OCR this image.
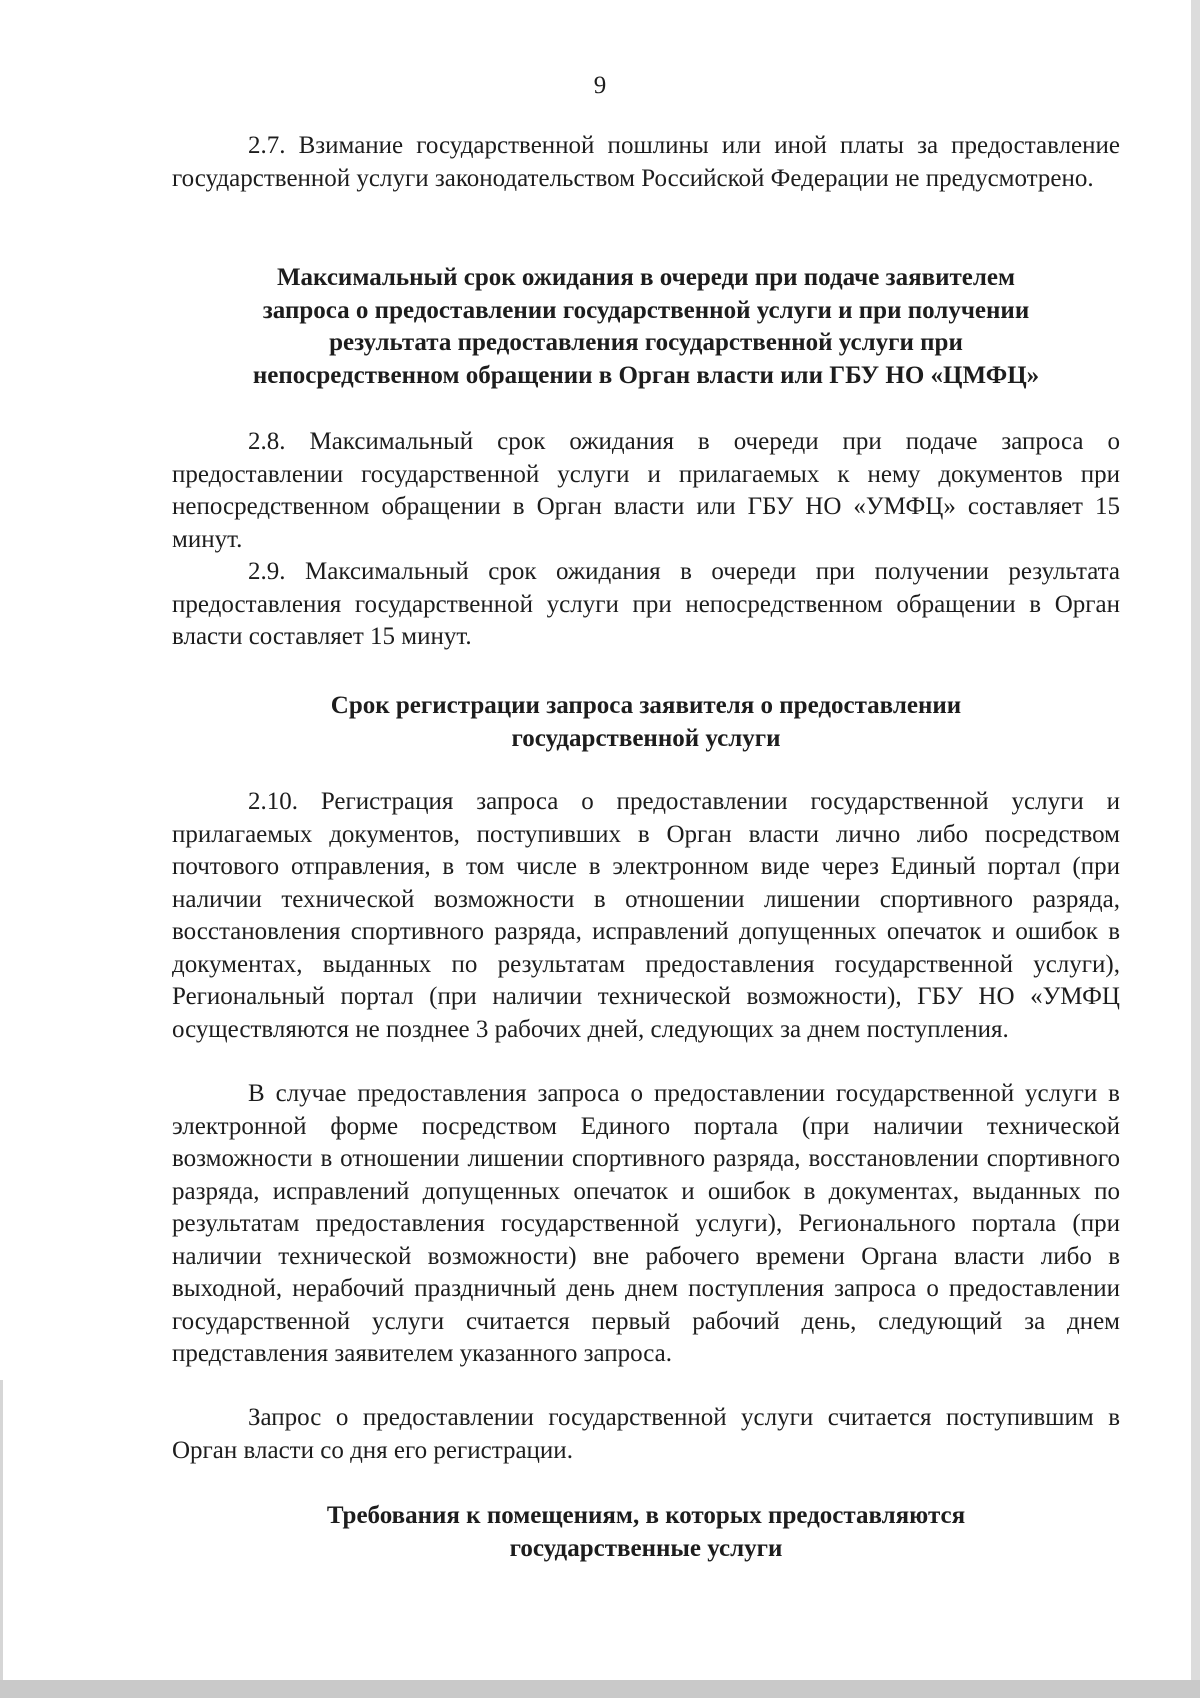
9

2.7. Взимание государственной пошлины или иной платы за предоставление государственной услуги законодательством Российской Федерации не предусмотрено.

Максимальный срок ожидания в очереди при подаче заявителем
запроса о предоставлении государственной услуги и при получении
результата предоставления государственной услуги при
непосредственном обращении в Орган власти или ГБУ НО «ЦМФЦ»

2.8. Максимальный срок ожидания в очереди при подаче запроса о предоставлении государственной услуги и прилагаемых к нему документов при непосредственном обращении в Орган власти или ГБУ НО «УМФЦ» составляет 15 минут.

2.9. Максимальный срок ожидания в очереди при получении результата предоставления государственной услуги при непосредственном обращении в Орган власти составляет 15 минут.

Срок регистрации запроса заявителя о предоставлении
государственной услуги

2.10. Регистрация запроса о предоставлении государственной услуги и прилагаемых документов, поступивших в Орган власти лично либо посредством почтового отправления, в том числе в электронном виде через Единый портал (при наличии технической возможности в отношении лишении спортивного разряда, восстановления спортивного разряда, исправлений допущенных опечаток и ошибок в документах, выданных по результатам предоставления государственной услуги), Региональный портал (при наличии технической возможности), ГБУ НО «УМФЦ осуществляются не позднее 3 рабочих дней, следующих за днем поступления.

В случае предоставления запроса о предоставлении государственной услуги в электронной форме посредством Единого портала (при наличии технической возможности в отношении лишении спортивного разряда, восстановлении спортивного разряда, исправлений допущенных опечаток и ошибок в документах, выданных по результатам предоставления государственной услуги), Регионального портала (при наличии технической возможности) вне рабочего времени Органа власти либо в выходной, нерабочий праздничный день днем поступления запроса о предоставлении государственной услуги считается первый рабочий день, следующий за днем представления заявителем указанного запроса.

Запрос о предоставлении государственной услуги считается поступившим в Орган власти со дня его регистрации.

Требования к помещениям, в которых предоставляются
государственные услуги
